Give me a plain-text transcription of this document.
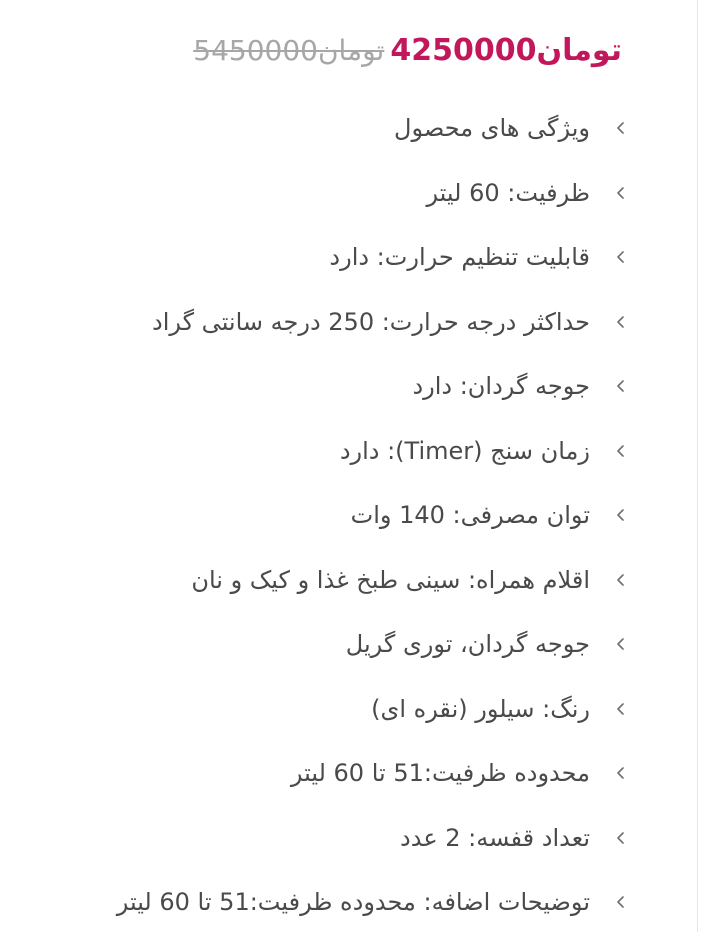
تومان4250000
تومان5450000
ویژگی های محصول
ظرفیت: 60 لیتر
قابلیت تنظیم حرارت: دارد
حداکثر درجه حرارت: 250 درجه سانتی گراد
جوجه گردان: دارد
زمان سنج (Timer): دارد
توان مصرفی: 140 وات
اقلام همراه: سینی طبخ غذا و کیک و نان
جوجه گردان، توری گریل
رنگ: سیلور (نقره ای)
محدوده ظرفیت:51 تا 60 لیتر
تعداد قفسه: 2 عدد
توضیحات اضافه: محدوده ظرفیت:51 تا 60 لیتر
